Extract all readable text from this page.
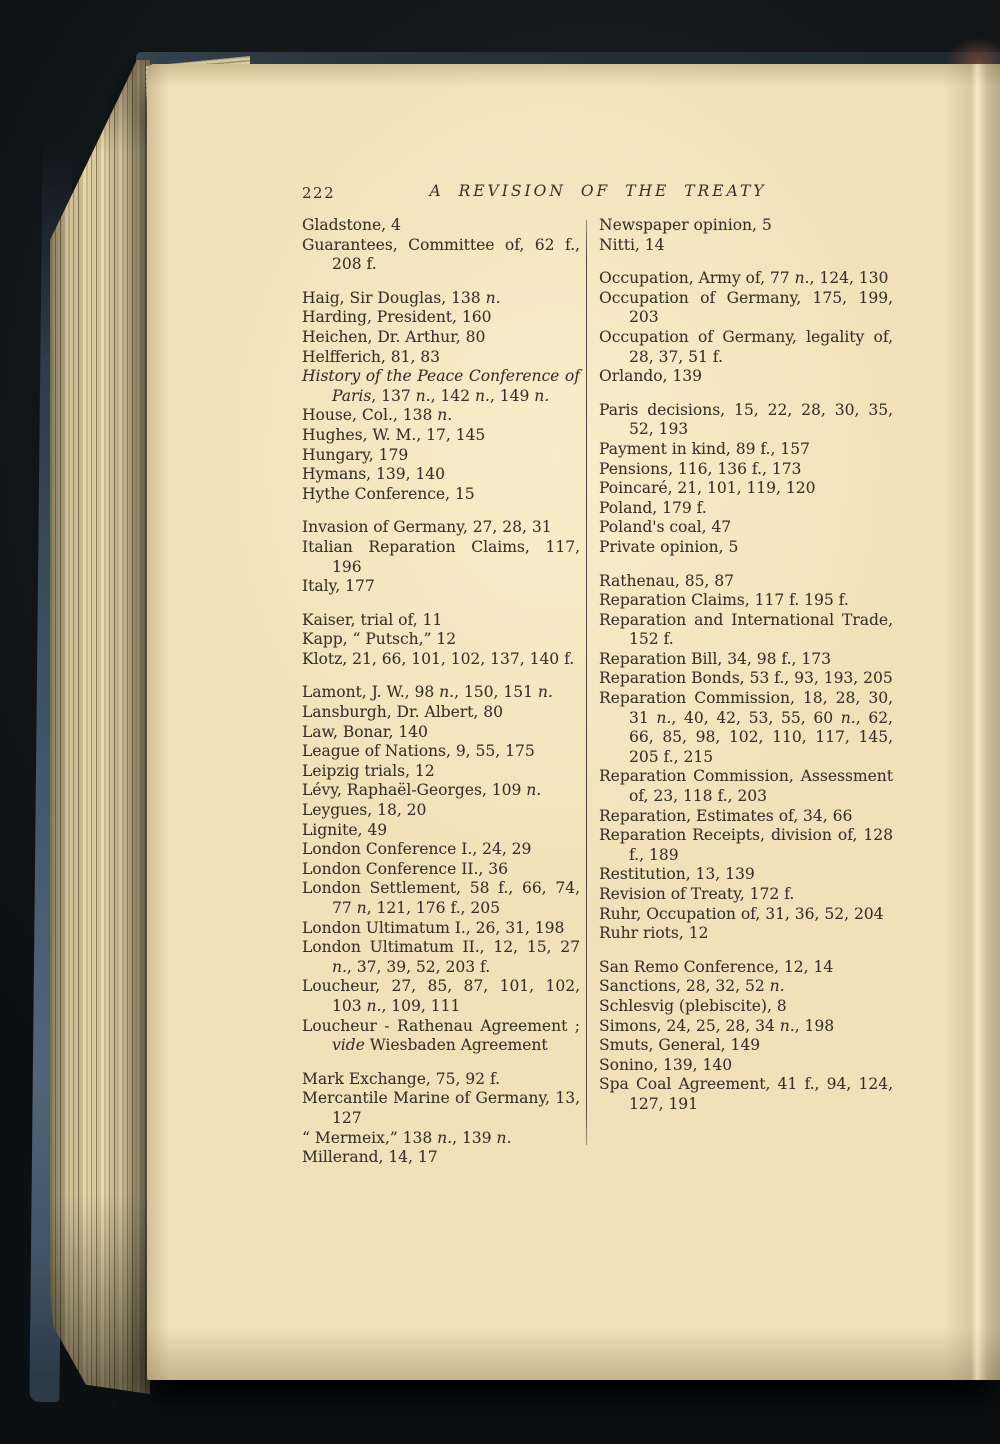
222	A REVISION OF THE TREATY
Gladstone, 4
Guarantees, Committee of, 62 f., 208 f.
Haig, Sir Douglas, 138 n.
Harding, President, 160
Heichen, Dr. Arthur, 80
Helfferich, 81, 83
History of the Peace Conference of Paris, 137 n., 142 n., 149 n.
House, Col., 138 n.
Hughes, W. M., 17, 145
Hungary, 179
Hymans, 139, 140
Hythe Conference, 15
Invasion of Germany, 27, 28, 31
Italian Reparation Claims, 117, 196
Italy, 177
Kaiser, trial of, 11
Kapp, “ Putsch,” 12
Klotz, 21, 66, 101, 102, 137, 140 f.
Lamont, J. W., 98 n., 150, 151 n.
Lansburgh, Dr. Albert, 80
Law, Bonar, 140
League of Nations, 9, 55, 175
Leipzig trials, 12
Lévy, Raphaël-Georges, 109 n.
Leygues, 18, 20
Lignite, 49
London Conference I., 24, 29
London Conference II., 36
London Settlement, 58 f., 66, 74, 77 n, 121, 176 f., 205
London Ultimatum I., 26, 31, 198
London Ultimatum II., 12, 15, 27 n., 37, 39, 52, 203 f.
Loucheur, 27, 85, 87, 101, 102, 103 n., 109, 111
Loucheur - Rathenau Agreement ; vide Wiesbaden Agreement
Mark Exchange, 75, 92 f.
Mercantile Marine of Germany, 13, 127
“ Mermeix,” 138 n., 139 n.
Millerand, 14, 17
Newspaper opinion, 5
Nitti, 14
Occupation, Army of, 77 n., 124, 130
Occupation of Germany, 175, 199, 203
Occupation of Germany, legality of, 28, 37, 51 f.
Orlando, 139
Paris decisions, 15, 22, 28, 30, 35, 52, 193
Payment in kind, 89 f., 157
Pensions, 116, 136 f., 173
Poincaré, 21, 101, 119, 120
Poland, 179 f.
Poland's coal, 47
Private opinion, 5
Rathenau, 85, 87
Reparation Claims, 117 f. 195 f.
Reparation and International Trade, 152 f.
Reparation Bill, 34, 98 f., 173
Reparation Bonds, 53 f., 93, 193, 205
Reparation Commission, 18, 28, 30, 31 n., 40, 42, 53, 55, 60 n., 62, 66, 85, 98, 102, 110, 117, 145, 205 f., 215
Reparation Commission, Assessment of, 23, 118 f., 203
Reparation, Estimates of, 34, 66
Reparation Receipts, division of, 128 f., 189
Restitution, 13, 139
Revision of Treaty, 172 f.
Ruhr, Occupation of, 31, 36, 52, 204
Ruhr riots, 12
San Remo Conference, 12, 14
Sanctions, 28, 32, 52 n.
Schlesvig (plebiscite), 8
Simons, 24, 25, 28, 34 n., 198
Smuts, General, 149
Sonino, 139, 140
Spa Coal Agreement, 41 f., 94, 124, 127, 191
